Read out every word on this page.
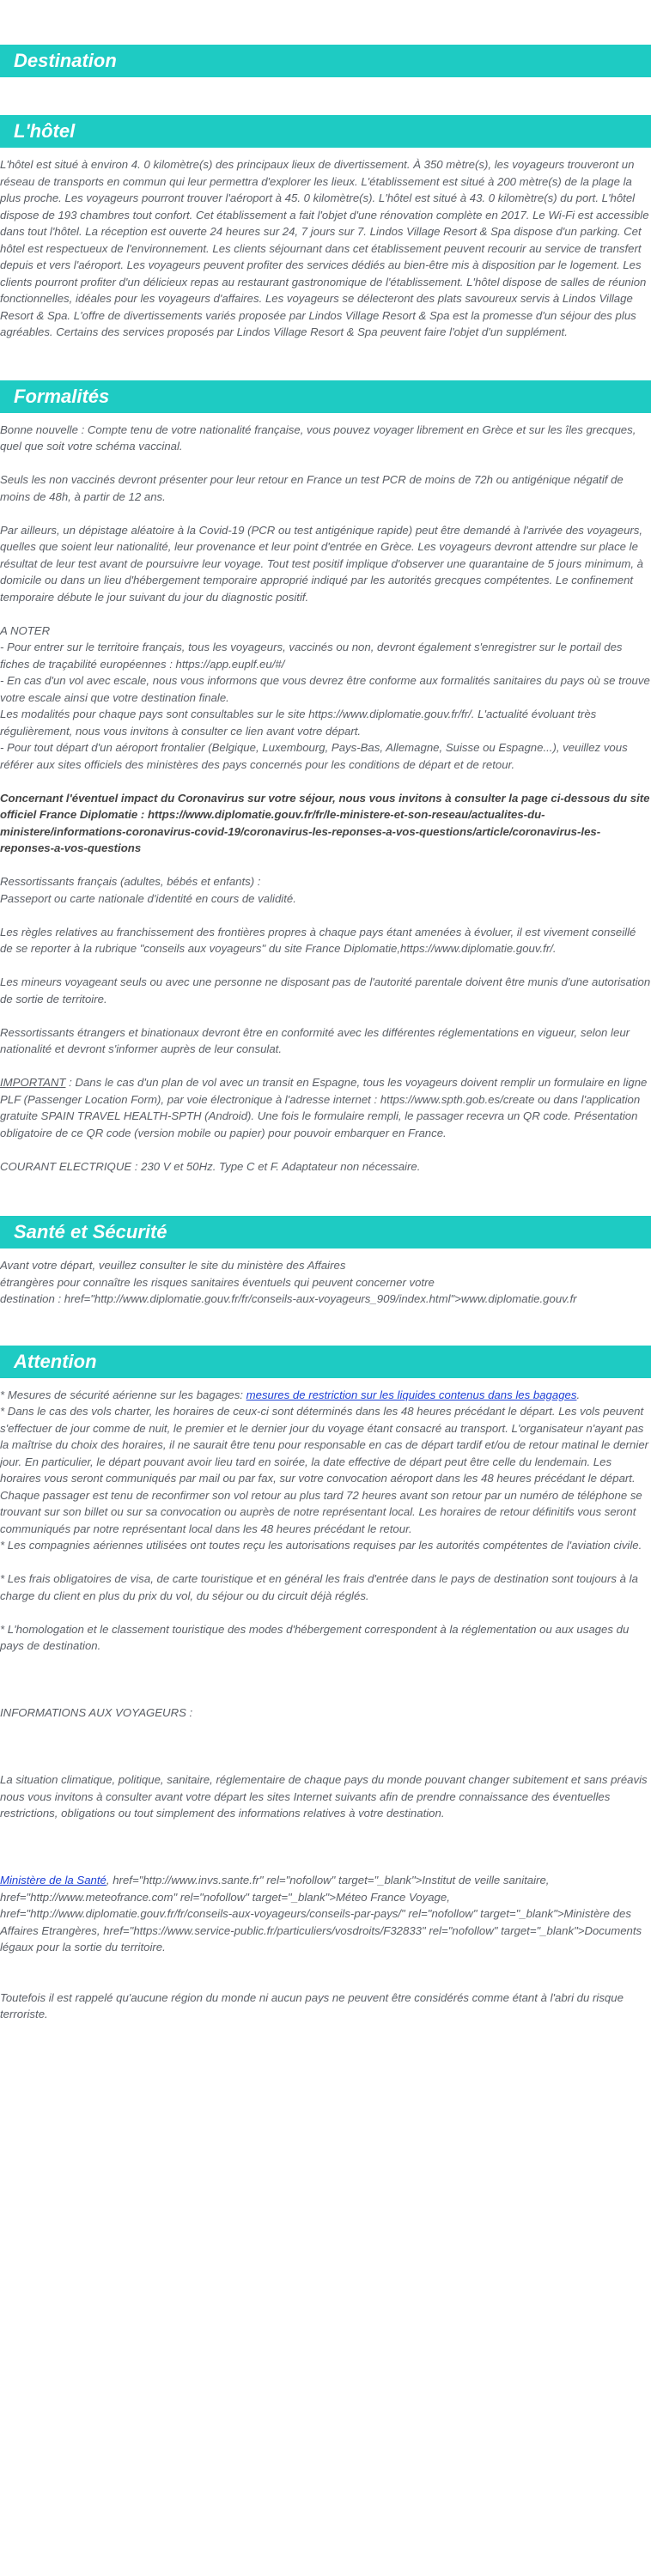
Destination
L'hôtel

L'hôtel est situé à environ 4. 0 kilomètre(s) des principaux lieux de divertissement. À 350 mètre(s), les voyageurs trouveront un réseau de transports en commun qui leur permettra d'explorer les lieux. L'établissement est situé à 200 mètre(s) de la plage la plus proche. Les voyageurs pourront trouver l'aéroport à 45. 0 kilomètre(s). L'hôtel est situé à 43. 0 kilomètre(s) du port. L'hôtel dispose de 193 chambres tout confort. Cet établissement a fait l'objet d'une rénovation complète en 2017. Le Wi-Fi est accessible dans tout l'hôtel. La réception est ouverte 24 heures sur 24, 7 jours sur 7. Lindos Village Resort & Spa dispose d'un parking. Cet hôtel est respectueux de l'environnement. Les clients séjournant dans cet établissement peuvent recourir au service de transfert depuis et vers l'aéroport. Les voyageurs peuvent profiter des services dédiés au bien-être mis à disposition par le logement. Les clients pourront profiter d'un délicieux repas au restaurant gastronomique de l'établissement. L'hôtel dispose de salles de réunion fonctionnelles, idéales pour les voyageurs d'affaires. Les voyageurs se délecteront des plats savoureux servis à Lindos Village Resort & Spa. L'offre de divertissements variés proposée par Lindos Village Resort & Spa est la promesse d'un séjour des plus agréables. Certains des services proposés par Lindos Village Resort & Spa peuvent faire l'objet d'un supplément.

Formalités

Bonne nouvelle : Compte tenu de votre nationalité française, vous pouvez voyager librement en Grèce et sur les îles grecques, quel que soit votre schéma vaccinal.

Seuls les non vaccinés devront présenter pour leur retour en France un test PCR de moins de 72h ou antigénique négatif de moins de 48h, à partir de 12 ans.

Par ailleurs, un dépistage aléatoire à la Covid-19 (PCR ou test antigénique rapide) peut être demandé à l'arrivée des voyageurs, quelles que soient leur nationalité, leur provenance et leur point d'entrée en Grèce. Les voyageurs devront attendre sur place le résultat de leur test avant de poursuivre leur voyage. Tout test positif implique d'observer une quarantaine de 5 jours minimum, à domicile ou dans un lieu d'hébergement temporaire approprié indiqué par les autorités grecques compétentes. Le confinement temporaire débute le jour suivant du jour du diagnostic positif.

A NOTER

- Pour entrer sur le territoire français, tous les voyageurs, vaccinés ou non, devront également s'enregistrer sur le portail des fiches de traçabilité européennes : https://app.euplf.eu/#/

- En cas d'un vol avec escale, nous vous informons que vous devrez être conforme aux formalités sanitaires du pays où se trouve votre escale ainsi que votre destination finale.

Les modalités pour chaque pays sont consultables sur le site https://www.diplomatie.gouv.fr/fr/. L'actualité évoluant très régulièrement, nous vous invitons à consulter ce lien avant votre départ.

- Pour tout départ d'un aéroport frontalier (Belgique, Luxembourg, Pays-Bas, Allemagne, Suisse ou Espagne...), veuillez vous référer aux sites officiels des ministères des pays concernés pour les conditions de départ et de retour.

Concernant l'éventuel impact du Coronavirus sur votre séjour, nous vous invitons à consulter la page ci-dessous du site officiel France Diplomatie : https://www.diplomatie.gouv.fr/fr/le-ministere-et-son-reseau/actualites-du-ministere/informations-coronavirus-covid-19/coronavirus-les-reponses-a-vos-questions/article/coronavirus-les-reponses-a-vos-questions

Ressortissants français (adultes, bébés et enfants) :

Passeport ou carte nationale d'identité en cours de validité.

Les règles relatives au franchissement des frontières propres à chaque pays étant amenées à évoluer, il est vivement conseillé de se reporter à la rubrique "conseils aux voyageurs" du site France Diplomatie,https://www.diplomatie.gouv.fr/.

Les mineurs voyageant seuls ou avec une personne ne disposant pas de l'autorité parentale doivent être munis d'une autorisation de sortie de territoire.

Ressortissants étrangers et binationaux devront être en conformité avec les différentes réglementations en vigueur, selon leur nationalité et devront s'informer auprès de leur consulat.

IMPORTANT : Dans le cas d'un plan de vol avec un transit en Espagne, tous les voyageurs doivent remplir un formulaire en ligne PLF (Passenger Location Form), par voie électronique à l'adresse internet : https://www.spth.gob.es/create ou dans l'application gratuite SPAIN TRAVEL HEALTH-SPTH (Android). Une fois le formulaire rempli, le passager recevra un QR code. Présentation obligatoire de ce QR code (version mobile ou papier) pour pouvoir embarquer en France.

COURANT ELECTRIQUE : 230 V et 50Hz. Type C et F. Adaptateur non nécessaire.

Santé et Sécurité

Avant votre départ, veuillez consulter le site du ministère des Affaires

étrangères pour connaître les risques sanitaires éventuels qui peuvent concerner votre

destination : href="http://www.diplomatie.gouv.fr/fr/conseils-aux-voyageurs_909/index.html">www.diplomatie.gouv.fr

Attention

* Mesures de sécurité aérienne sur les bagages: mesures de restriction sur les liquides contenus dans les bagages.

* Dans le cas des vols charter, les horaires de ceux-ci sont déterminés dans les 48 heures précédant le départ. Les vols peuvent s'effectuer de jour comme de nuit, le premier et le dernier jour du voyage étant consacré au transport. L'organisateur n'ayant pas la maîtrise du choix des horaires, il ne saurait être tenu pour responsable en cas de départ tardif et/ou de retour matinal le dernier jour. En particulier, le départ pouvant avoir lieu tard en soirée, la date effective de départ peut être celle du lendemain. Les horaires vous seront communiqués par mail ou par fax, sur votre convocation aéroport dans les 48 heures précédant le départ. Chaque passager est tenu de reconfirmer son vol retour au plus tard 72 heures avant son retour par un numéro de téléphone se trouvant sur son billet ou sur sa convocation ou auprès de notre représentant local. Les horaires de retour définitifs vous seront communiqués par notre représentant local dans les 48 heures précédant le retour.

* Les compagnies aériennes utilisées ont toutes reçu les autorisations requises par les autorités compétentes de l'aviation civile.

* Les frais obligatoires de visa, de carte touristique et en général les frais d'entrée dans le pays de destination sont toujours à la charge du client en plus du prix du vol, du séjour ou du circuit déjà réglés.

* L'homologation et le classement touristique des modes d'hébergement correspondent à la réglementation ou aux usages du pays de destination.

INFORMATIONS AUX VOYAGEURS :

La situation climatique, politique, sanitaire, réglementaire de chaque pays du monde pouvant changer subitement et sans préavis

nous vous invitons à consulter avant votre départ les sites Internet suivants afin de prendre connaissance des éventuelles restrictions, obligations ou tout simplement des informations relatives à votre destination.

Ministère de la Santé, href="http://www.invs.sante.fr" rel="nofollow" target="_blank">Institut de veille sanitaire, href="http://www.meteofrance.com" rel="nofollow" target="_blank">Méteo France Voyage, href="http://www.diplomatie.gouv.fr/fr/conseils-aux-voyageurs/conseils-par-pays/" rel="nofollow" target="_blank">Ministère des Affaires Etrangères, href="https://www.service-public.fr/particuliers/vosdroits/F32833" rel="nofollow" target="_blank">Documents légaux pour la sortie du territoire.

Toutefois il est rappelé qu'aucune région du monde ni aucun pays ne peuvent être considérés comme étant à l'abri du risque terroriste.
